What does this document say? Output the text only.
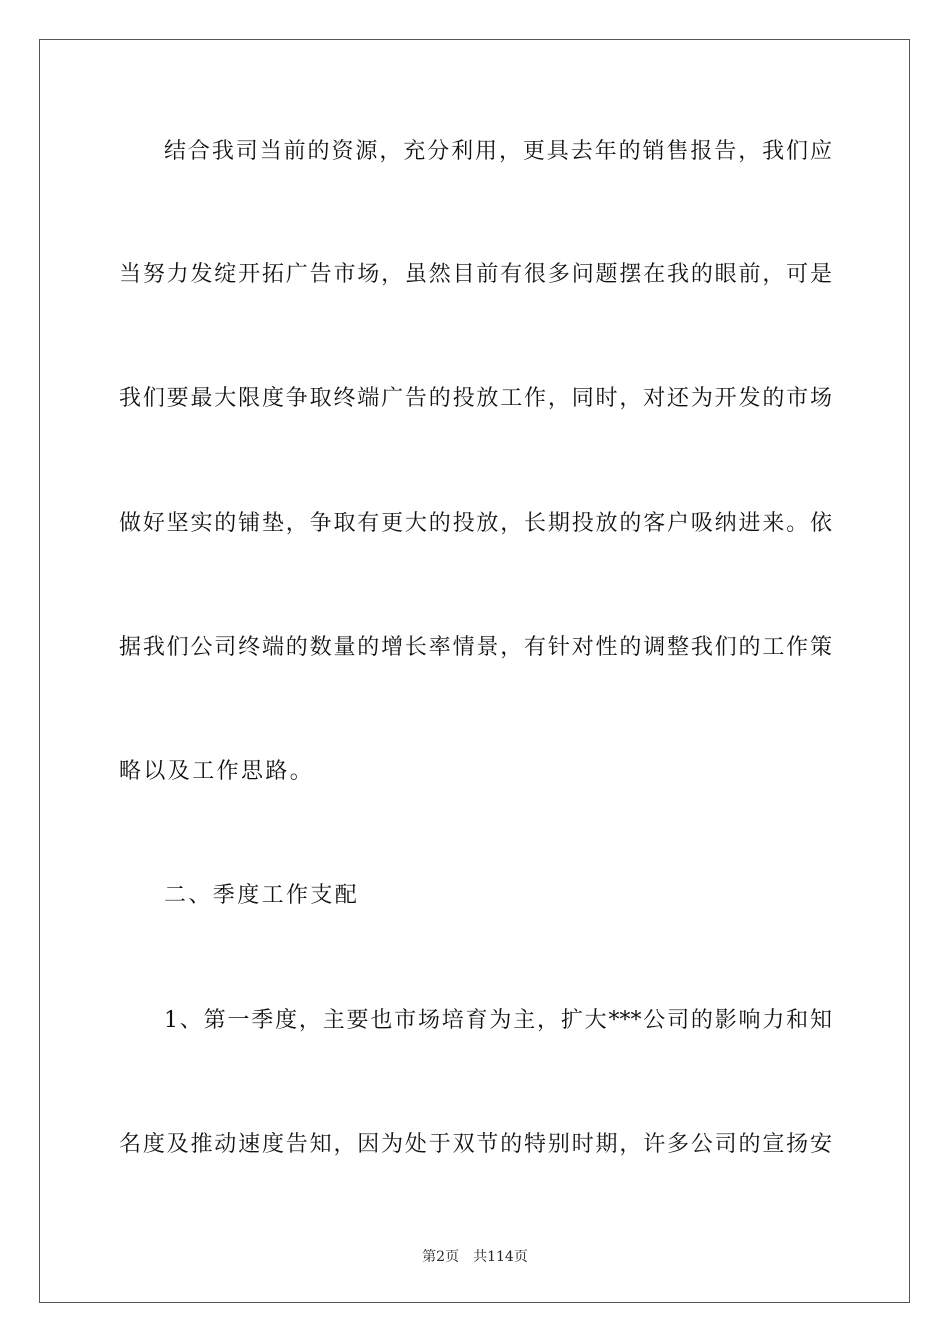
结合我司当前的资源，充分利用，更具去年的销售报告，我们应
当努力发绽开拓广告市场，虽然目前有很多问题摆在我的眼前，可是
我们要最大限度争取终端广告的投放工作，同时，对还为开发的市场
做好坚实的铺垫，争取有更大的投放，长期投放的客户吸纳进来。依
据我们公司终端的数量的增长率情景，有针对性的调整我们的工作策
略以及工作思路。
二、季度工作支配
1、第一季度，主要也市场培育为主，扩大***公司的影响力和知
名度及推动速度告知，因为处于双节的特别时期，许多公司的宣扬安
第2页 共114页
